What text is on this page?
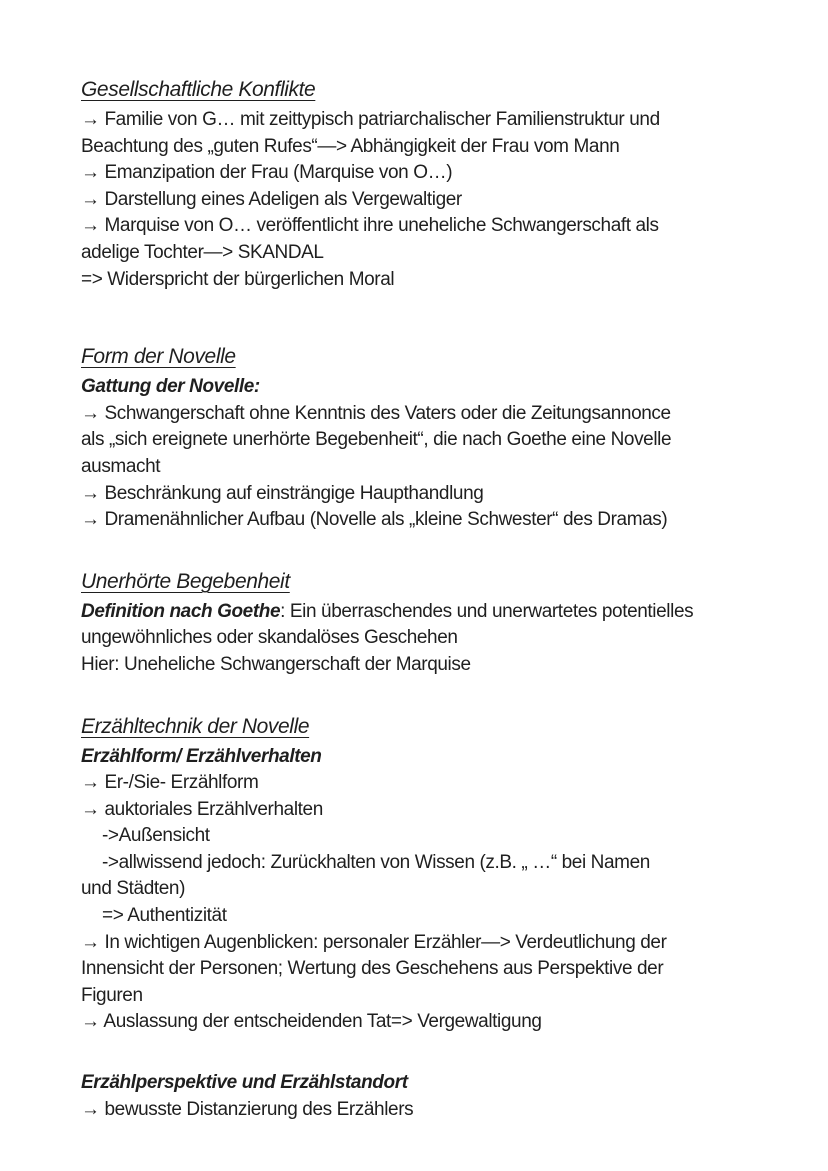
Gesellschaftliche Konflikte
→ Familie von G… mit zeittypisch patriarchalischer Familienstruktur und
Beachtung des „guten Rufes“—> Abhängigkeit der Frau vom Mann
→ Emanzipation der Frau (Marquise von O…)
→ Darstellung eines Adeligen als Vergewaltiger
→ Marquise von O… veröffentlicht ihre uneheliche Schwangerschaft als
adelige Tochter—> SKANDAL
=> Widerspricht der bürgerlichen Moral
Form der Novelle
Gattung der Novelle:
→ Schwangerschaft ohne Kenntnis des Vaters oder die Zeitungsannonce
als „sich ereignete unerhörte Begebenheit“, die nach Goethe eine Novelle
ausmacht
→ Beschränkung auf einsträngige Haupthandlung
→ Dramenähnlicher Aufbau (Novelle als „kleine Schwester“ des Dramas)
Unerhörte Begebenheit
Definition nach Goethe: Ein überraschendes und unerwartetes potentielles
ungewöhnliches oder skandalöses Geschehen
Hier: Uneheliche Schwangerschaft der Marquise
Erzähltechnik der Novelle
Erzählform/ Erzählverhalten
→ Er-/Sie- Erzählform
→ auktoriales Erzählverhalten
->Außensicht
->allwissend jedoch: Zurückhalten von Wissen (z.B. „ …“ bei Namen
und Städten)
=> Authentizität
→ In wichtigen Augenblicken: personaler Erzähler—> Verdeutlichung der
Innensicht der Personen; Wertung des Geschehens aus Perspektive der
Figuren
→ Auslassung der entscheidenden Tat=> Vergewaltigung
Erzählperspektive und Erzählstandort
→ bewusste Distanzierung des Erzählers
